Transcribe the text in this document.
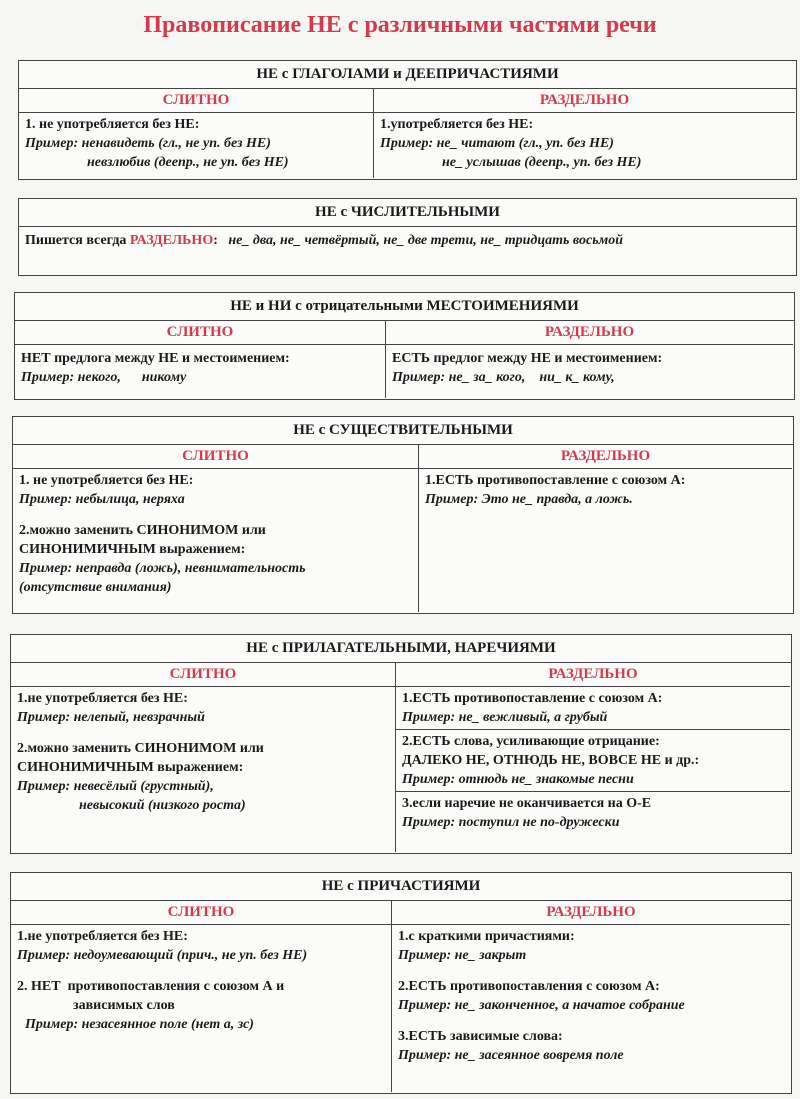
Правописание НЕ с различными частями речи
НЕ с ГЛАГОЛАМИ и ДЕЕПРИЧАСТИЯМИ
СЛИТНО
1. не употребляется без НЕ:
Пример: ненавидеть (гл., не уп. без НЕ)
невзлюбив (деепр., не уп. без НЕ)
РАЗДЕЛЬНО
1.употребляется без НЕ:
Пример: не_ читают (гл., уп. без НЕ)
не_ услышав (деепр., уп. без НЕ)
НЕ с ЧИСЛИТЕЛЬНЫМИ
Пишется всегда РАЗДЕЛЬНО: не_ два, не_ четвёртый, не_ две трети, не_ тридцать восьмой
НЕ и НИ с отрицательными МЕСТОИМЕНИЯМИ
СЛИТНО
НЕТ предлога между НЕ и местоимением:
Пример: некого,      никому
РАЗДЕЛЬНО
ЕСТЬ предлог между НЕ и местоимением:
Пример: не_ за_ кого,    ни_ к_ кому,
НЕ с СУЩЕСТВИТЕЛЬНЫМИ
СЛИТНО
1. не употребляется без НЕ:
Пример: небылица, неряха
2.можно заменить СИНОНИМОМ или
СИНОНИМИЧНЫМ выражением:
Пример: неправда (ложь), невнимательность
(отсутствие внимания)
РАЗДЕЛЬНО
1.ЕСТЬ противопоставление с союзом А:
Пример: Это не_ правда, а ложь.
НЕ с ПРИЛАГАТЕЛЬНЫМИ, НАРЕЧИЯМИ
СЛИТНО
1.не употребляется без НЕ:
Пример: нелепый, невзрачный
2.можно заменить СИНОНИМОМ или
СИНОНИМИЧНЫМ выражением:
Пример: невесёлый (грустный),
невысокий (низкого роста)
РАЗДЕЛЬНО
1.ЕСТЬ противопоставление с союзом А:
Пример: не_ вежливый, а грубый
2.ЕСТЬ слова, усиливающие отрицание:
ДАЛЕКО НЕ, ОТНЮДЬ НЕ, ВОВСЕ НЕ и др.:
Пример: отнюдь не_ знакомые песни
3.если наречие не оканчивается на О-Е
Пример: поступил не по-дружески
НЕ с ПРИЧАСТИЯМИ
СЛИТНО
1.не употребляется без НЕ:
Пример: недоумевающий (прич., не уп. без НЕ)
2. НЕТ  противопоставления с союзом А и
зависимых слов
Пример: незасеянное поле (нет а, зс)
РАЗДЕЛЬНО
1.с краткими причастиями:
Пример: не_ закрыт
2.ЕСТЬ противопоставления с союзом А:
Пример: не_ законченное, а начатое собрание
3.ЕСТЬ зависимые слова:
Пример: не_ засеянное вовремя поле
